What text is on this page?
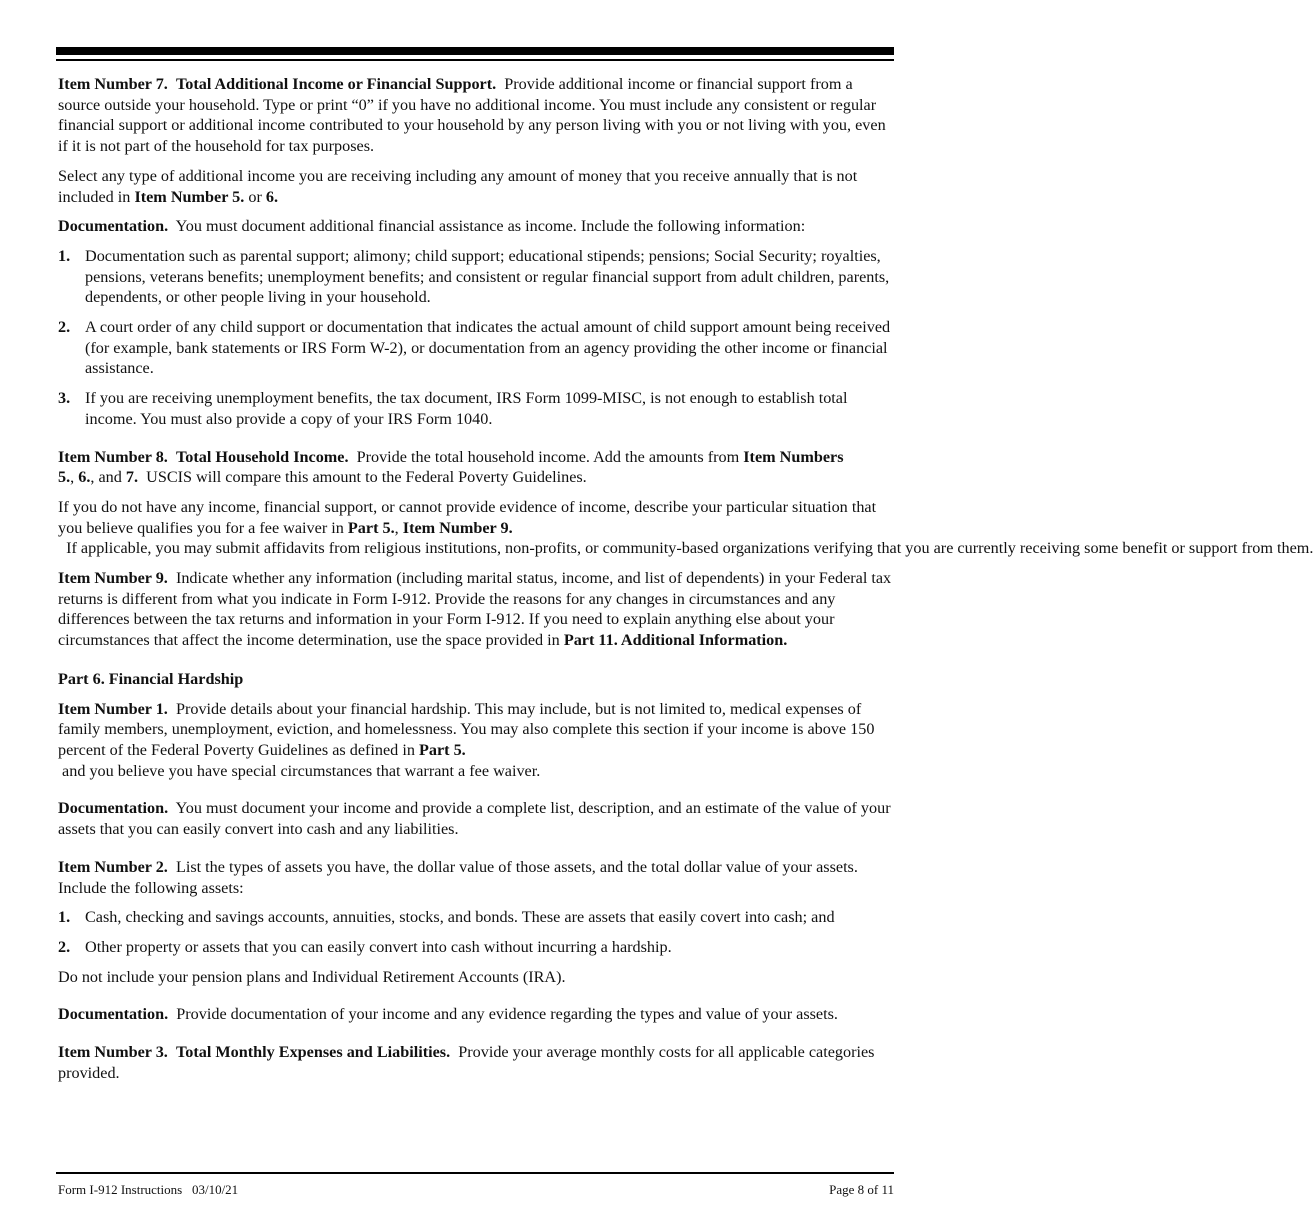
Item Number 7. Total Additional Income or Financial Support. Provide additional income or financial support from a source outside your household. Type or print “0” if you have no additional income. You must include any consistent or regular financial support or additional income contributed to your household by any person living with you or not living with you, even if it is not part of the household for tax purposes.

Select any type of additional income you are receiving including any amount of money that you receive annually that is not included in Item Number 5. or 6.

Documentation. You must document additional financial assistance as income. Include the following information:

1. Documentation such as parental support; alimony; child support; educational stipends; pensions; Social Security; royalties, pensions, veterans benefits; unemployment benefits; and consistent or regular financial support from adult children, parents, dependents, or other people living in your household.
2. A court order of any child support or documentation that indicates the actual amount of child support amount being received (for example, bank statements or IRS Form W-2), or documentation from an agency providing the other income or financial assistance.
3. If you are receiving unemployment benefits, the tax document, IRS Form 1099-MISC, is not enough to establish total income. You must also provide a copy of your IRS Form 1040.

Item Number 8. Total Household Income. Provide the total household income. Add the amounts from Item Numbers 5., 6., and 7.  USCIS will compare this amount to the Federal Poverty Guidelines.

If you do not have any income, financial support, or cannot provide evidence of income, describe your particular situation that you believe qualifies you for a fee waiver in Part 5., Item Number 9.  If applicable, you may submit affidavits from religious institutions, non-profits, or community-based organizations verifying that you are currently receiving some benefit or support from them.

Item Number 9. Indicate whether any information (including marital status, income, and list of dependents) in your Federal tax returns is different from what you indicate in Form I-912. Provide the reasons for any changes in circumstances and any differences between the tax returns and information in your Form I-912. If you need to explain anything else about your circumstances that affect the income determination, use the space provided in Part 11. Additional Information.

Part 6. Financial Hardship

Item Number 1. Provide details about your financial hardship. This may include, but is not limited to, medical expenses of family members, unemployment, eviction, and homelessness. You may also complete this section if your income is above 150 percent of the Federal Poverty Guidelines as defined in Part 5. and you believe you have special circumstances that warrant a fee waiver.

Documentation. You must document your income and provide a complete list, description, and an estimate of the value of your assets that you can easily convert into cash and any liabilities.

Item Number 2. List the types of assets you have, the dollar value of those assets, and the total dollar value of your assets. Include the following assets:

1. Cash, checking and savings accounts, annuities, stocks, and bonds. These are assets that easily covert into cash; and
2. Other property or assets that you can easily convert into cash without incurring a hardship.

Do not include your pension plans and Individual Retirement Accounts (IRA).

Documentation. Provide documentation of your income and any evidence regarding the types and value of your assets.

Item Number 3. Total Monthly Expenses and Liabilities. Provide your average monthly costs for all applicable categories provided.

Form I-912 Instructions   03/10/21	Page 8 of 11
